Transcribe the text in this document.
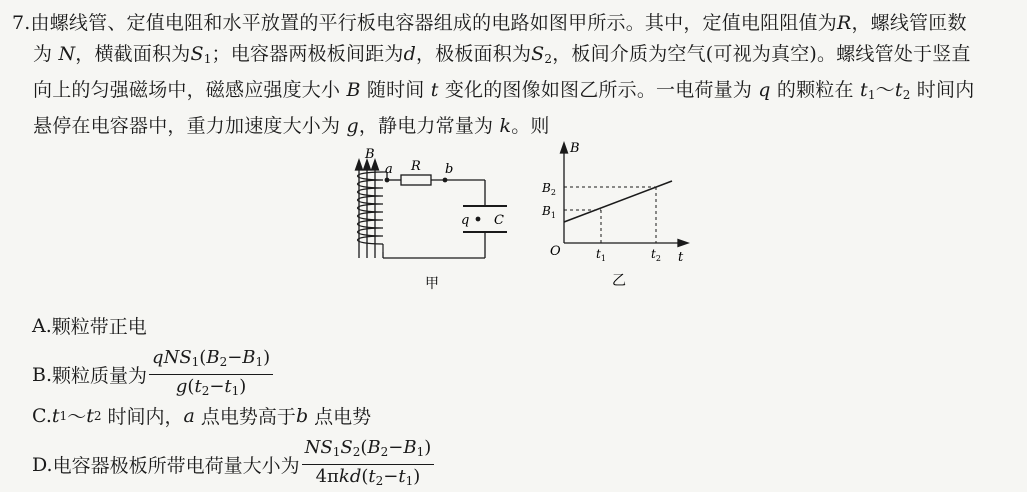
7.由螺线管、定值电阻和水平放置的平行板电容器组成的电路如图甲所示。其中，定值电阻阻值为R，螺线管匝数

为 N，横截面积为$S_1$；电容器两极板间距为d，极板面积为$S_2$，板间介质为空气(可视为真空)。螺线管处于竖直

向上的匀强磁场中，磁感应强度大小 B 随时间 t 变化的图像如图乙所示。一电荷量为 q 的颗粒在 $t_1\sim t_2$ 时间内

悬停在电容器中，重力加速度大小为 g，静电力常量为 k。则

B
R
a	b
q C
甲
B
t
O
$B_1$
$B_2$
$t_1$	$t_2$
乙
A. 颗粒带正电
B. 颗粒质量为 $\frac{qNS_1(B_2-B_1)}{g(t_2-t_1)}$
C. t 1 ～ t 2
时间内， a
点电势高于 b
点电势
D. 电容器极板所带电荷量大小为 $\frac{NS_1S_2(B_2-B_1)}{4\pi kd(t_2-t_1)}$
